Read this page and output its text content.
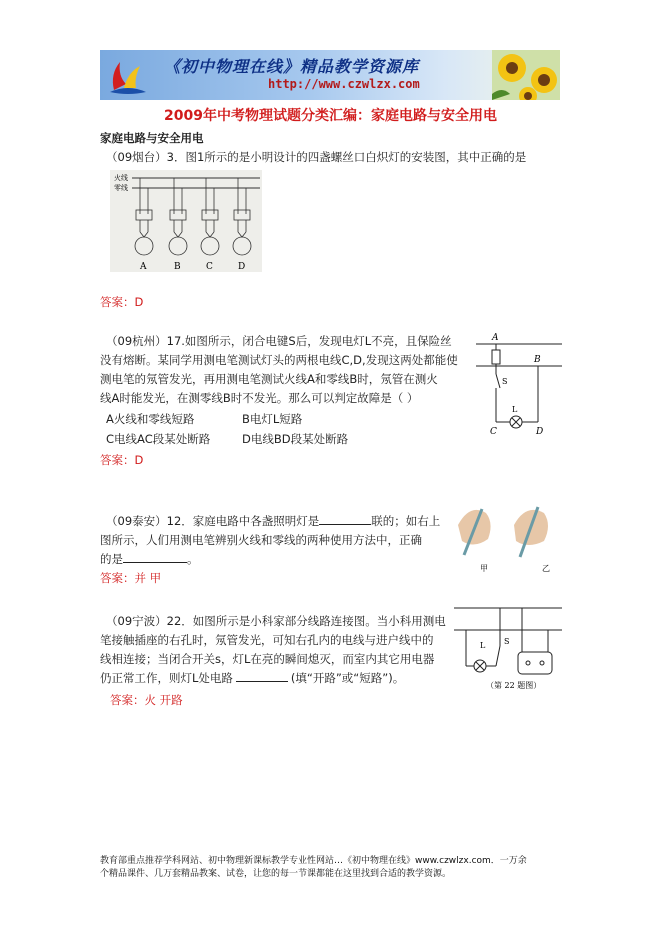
《初中物理在线》精品教学资源库
http://www.czwlzx.com
2009年中考物理试题分类汇编：家庭电路与安全用电
家庭电路与安全用电
（09烟台）3．图1所示的是小明设计的四盏螺丝口白炽灯的安装图，其中正确的是
火线
零线
A	B	C	D
答案：D
（09杭州）17.如图所示，闭合电键S后，发现电灯L不亮，且保险丝
没有熔断。某同学用测电笔测试灯头的两根电线C,D,发现这两处都能使
测电笔的氖管发光，再用测电笔测试火线A和零线B时，氖管在测火
线A时能发光，在测零线B时不发光。那么可以判定故障是（ ）
A火线和零线短路	B电灯L短路
C电线AC段某处断路	D电线BD段某处断路
A
B
S
L
C	D
答案：D
（09泰安）12．家庭电路中各盏照明灯是	联的；如右上
图所示，人们用测电笔辨别火线和零线的两种使用方法中，正确
的是	。
甲	乙
答案：并 甲
（09宁波）22．如图所示是小科家部分线路连接图。当小科用测电
笔接触插座的右孔时，氖管发光，可知右孔内的电线与进户线中的
线相连接；当闭合开关s，灯L在亮的瞬间熄灭，而室内其它用电器
仍正常工作，则灯L处电路	(填“开路”或“短路”)。
L S
（第 22 题图）
答案：火 开路
教育部重点推荐学科网站、初中物理新课标教学专业性网站…《初中物理在线》www.czwlzx.com．一万余
个精品课件、几万套精品教案、试卷，让您的每一节课都能在这里找到合适的教学资源。
